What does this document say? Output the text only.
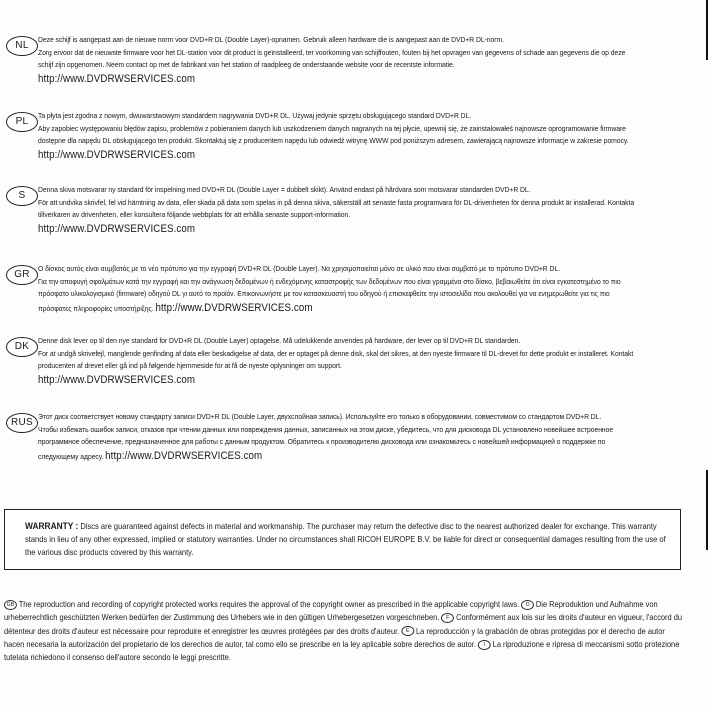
NL
Deze schijf is aangepast aan de nieuwe norm voor DVD+R DL (Double Layer)-opnamen. Gebruik alleen hardware die is aangepast aan de DVD+R DL-norm.
Zorg ervoor dat de nieuwste firmware voor het DL-station voor dit product is geïnstalleerd, ter voorkoming van schijffouten, fouten bij het opvragen van gegevens of schade aan gegevens die op deze
schijf zijn opgenomen. Neem contact op met de fabrikant van het station of raadpleeg de onderstaande website voor de recentste informatie.
http://www.DVDRWSERVICES.com
PL
Ta płyta jest zgodna z nowym, dwuwarstwowym standardem nagrywania DVD+R DL. Używaj jedynie sprzętu obsługującego standard DVD+R DL.
Aby zapobiec występowaniu błędów zapisu, problemów z pobieraniem danych lub uszkodzeniem danych nagranych na tej płycie, upewnij się, że zainstalowałeś najnowsze oprogramowanie firmware
dostępne dla napędu DL obsługującego ten produkt. Skontaktuj się z producentem napędu lub odwiedź witrynę WWW pod poniższym adresem, zawierającą najnowsze informacje w zakresie pomocy.
http://www.DVDRWSERVICES.com
S
Denna skiva motsvarar ny standard för inspelning med DVD+R DL (Double Layer = dubbelt skikt). Använd endast på hårdvara som motsvarar standarden DVD+R DL.
För att undvika skrivfel, fel vid hämtning av data, eller skada på data som spelas in på denna skiva, säkerställ att senaste fasta programvara för DL-drivenheten för denna produkt är installerad. Kontakta
tillverkaren av drivenheten, eller konsultera följande webbplats för att erhålla senaste support-information.
http://www.DVDRWSERVICES.com
GR
Ο δίσκος αυτός είναι συμβατός με το νέο πρότυπο για την εγγραφή DVD+R DL (Double Layer). Να χρησιμοποιείται μόνο σε υλικό που είναι συμβατό με το πρότυπο DVD+R DL.
Για την αποφυγή σφαλμάτων κατά την εγγραφή και την ανάγνωση δεδομένων ή ενδεχόμενης καταστροφής των δεδομένων που είναι γραμμένα στο δίσκο, βεβαιωθείτε ότι είναι εγκατεστημένο το πιο
πρόσφατο υλικολογισμικό (firmware) οδηγού DL γι αυτό το προϊόν. Επικοινωνήστε με τον κατασκευαστή του οδηγού ή επισκεφθείτε την ιστοσελίδα που ακολουθεί για να ενημερωθείτε για τις πιο
πρόσφατες πληροφορίες υποστήριξης. http://www.DVDRWSERVICES.com
DK
Denne disk lever op til den nye standard for DVD+R DL (Double Layer) optagelse. Må udelukkende anvendes på hardware, der lever op til DVD+R DL standarden.
For at undgå skrivefejl, manglende genfinding af data eller beskadigelse af data, der er optaget på denne disk, skal det sikres, at den nyeste firmware til DL-drevet for dette produkt er installeret. Kontakt
producenten af drevet eller gå ind på følgende hjemmeside for at få de nyeste oplysninger om support.
http://www.DVDRWSERVICES.com
RUS
Этот диск соответствует новому стандарту записи DVD+R DL (Double Layer, двухслойная запись). Используйте его только в оборудовании, совместимом со стандартом DVD+R DL.
Чтобы избежать ошибок записи, отказов при чтении данных или повреждения данных, записанных на этом диске, убедитесь, что для дисковода DL установлено новейшее встроенное
программное обеспечение, предназначенное для работы с данным продуктом. Обратитесь к производителю дисковода или ознакомьтесь с новейшей информацией о поддержке по
следующему адресу. http://www.DVDRWSERVICES.com
WARRANTY : Discs are guaranteed against defects in material and workmanship. The purchaser may return the defective disc to the nearest authorized dealer for exchange. This warranty stands in lieu of any other expressed, implied or statutory warranties. Under no circumstances shall RICOH EUROPE B.V. be liable for direct or consequential damages resulting from the use of the various disc products covered by this warranty.
GB The reproduction and recording of copyright protected works requires the approval of the copyright owner as prescribed in the applicable copyright laws. D Die Reproduktion und Aufnahme von urheberrechtlich geschützten Werken bedürfen der Zustimmung des Urhebers wie in den gültigen Urhebergesetzen vorgeschrieben. F Conformément aux lois sur les droits d'auteur en vigueur, l'accord du détenteur des droits d'auteur est nécessaire pour reproduire et enregistrer les œuvres protégées par des droits d'auteur. E La reproducción y la grabación de obras protegidas por el derecho de autor hacen necesaria la autorización del propietario de los derechos de autor, tal como ello se prescribe en la ley aplicable sobre derechos de autor. I La riproduzione e ripresa di meccanismi sotto protezione tutelata richiedono il consenso dell'autore secondo le leggi prescritte.
